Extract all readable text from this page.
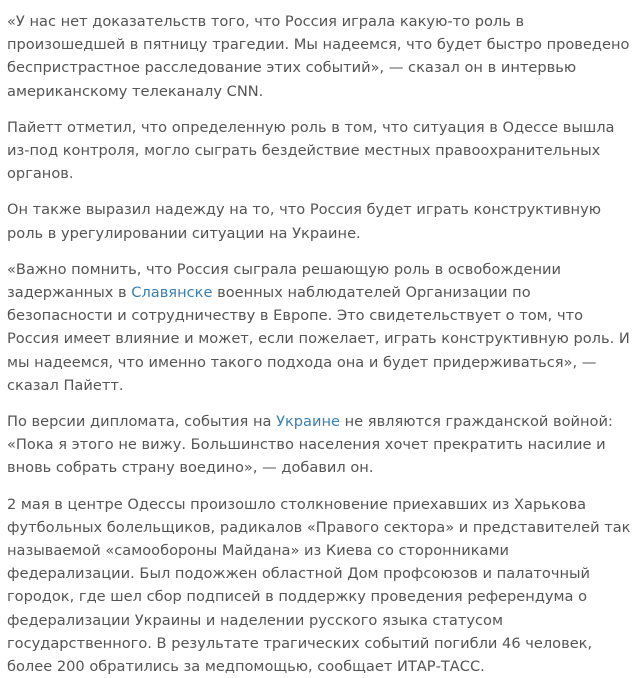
«У нас нет доказательств того, что Россия играла какую-то роль в произошедшей в пятницу трагедии. Мы надеемся, что будет быстро проведено беспристрастное расследование этих событий», — сказал он в интервью американскому телеканалу CNN.

Пайетт отметил, что определенную роль в том, что ситуация в Одессе вышла из-под контроля, могло сыграть бездействие местных правоохранительных органов.

Он также выразил надежду на то, что Россия будет играть конструктивную роль в урегулировании ситуации на Украине.

«Важно помнить, что Россия сыграла решающую роль в освобождении задержанных в Славянске военных наблюдателей Организации по безопасности и сотрудничеству в Европе. Это свидетельствует о том, что Россия имеет влияние и может, если пожелает, играть конструктивную роль. И мы надеемся, что именно такого подхода она и будет придерживаться», — сказал Пайетт.

По версии дипломата, события на Украине не являются гражданской войной: «Пока я этого не вижу. Большинство населения хочет прекратить насилие и вновь собрать страну воедино», — добавил он.

2 мая в центре Одессы произошло столкновение приехавших из Харькова футбольных болельщиков, радикалов «Правого сектора» и представителей так называемой «самообороны Майдана» из Киева со сторонниками федерализации. Был подожжен областной Дом профсоюзов и палаточный городок, где шел сбор подписей в поддержку проведения референдума о федерализации Украины и наделении русского языка статусом государственного. В результате трагических событий погибли 46 человек, более 200 обратились за медпомощью, сообщает ИТАР-ТАСС.
